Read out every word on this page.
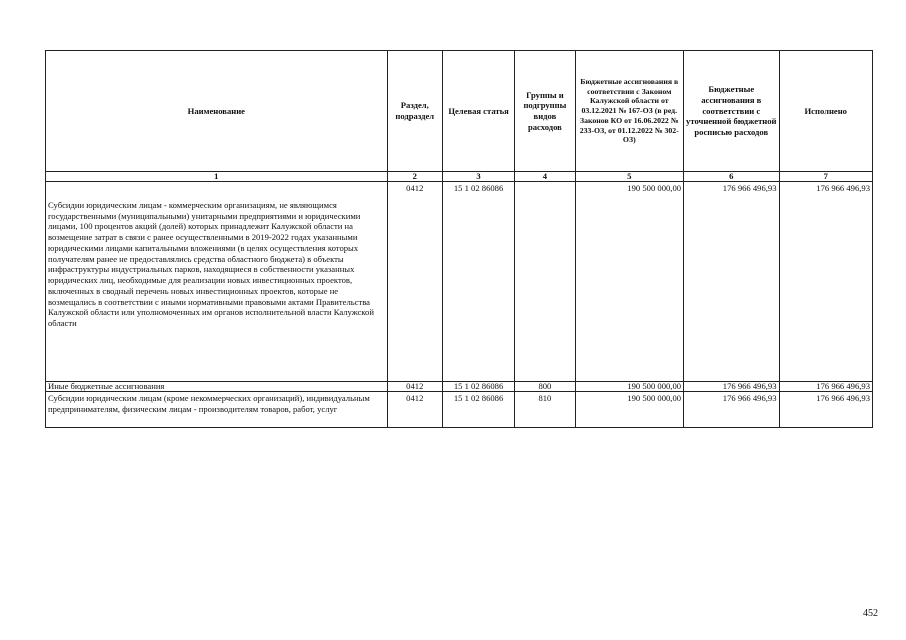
Наименование	Раздел, подраздел	Целевая статья	Группы и подгруппы видов расходов	Бюджетные ассигнования в соответствии с Законом Калужской области от 03.12.2021 № 167-ОЗ (в ред. Законов КО от 16.06.2022 № 233-ОЗ, от 01.12.2022 № 302-ОЗ)	Бюджетные ассигнования в соответствии с уточненной бюджетной росписью расходов	Исполнено
1	2	3	4	5	6	7
Субсидии юридическим лицам - коммерческим организациям, не являющимся государственными (муниципальными) унитарными предприятиями и юридическими лицами, 100 процентов акций (долей) которых принадлежит Калужской области на возмещение затрат в связи с ранее осуществленными в 2019-2022 годах указанными юридическими лицами капитальными вложениями (в целях осуществления которых получателям ранее не предоставлялись средства областного бюджета) в объекты инфраструктуры индустриальных парков, находящиеся в собственности указанных юридических лиц, необходимые для реализации новых инвестиционных проектов, включенных в сводный перечень новых инвестиционных проектов, которые не возмещались в соответствии с иными нормативными правовыми актами Правительства Калужской области или уполномоченных им органов исполнительной власти Калужской области	0412	15 1 02 86086		190 500 000,00	176 966 496,93	176 966 496,93
Иные бюджетные ассигнования	0412	15 1 02 86086	800	190 500 000,00	176 966 496,93	176 966 496,93
Субсидии юридическим лицам (кроме некоммерческих организаций), индивидуальным предпринимателям, физическим лицам - производителям товаров, работ, услуг	0412	15 1 02 86086	810	190 500 000,00	176 966 496,93	176 966 496,93
452
